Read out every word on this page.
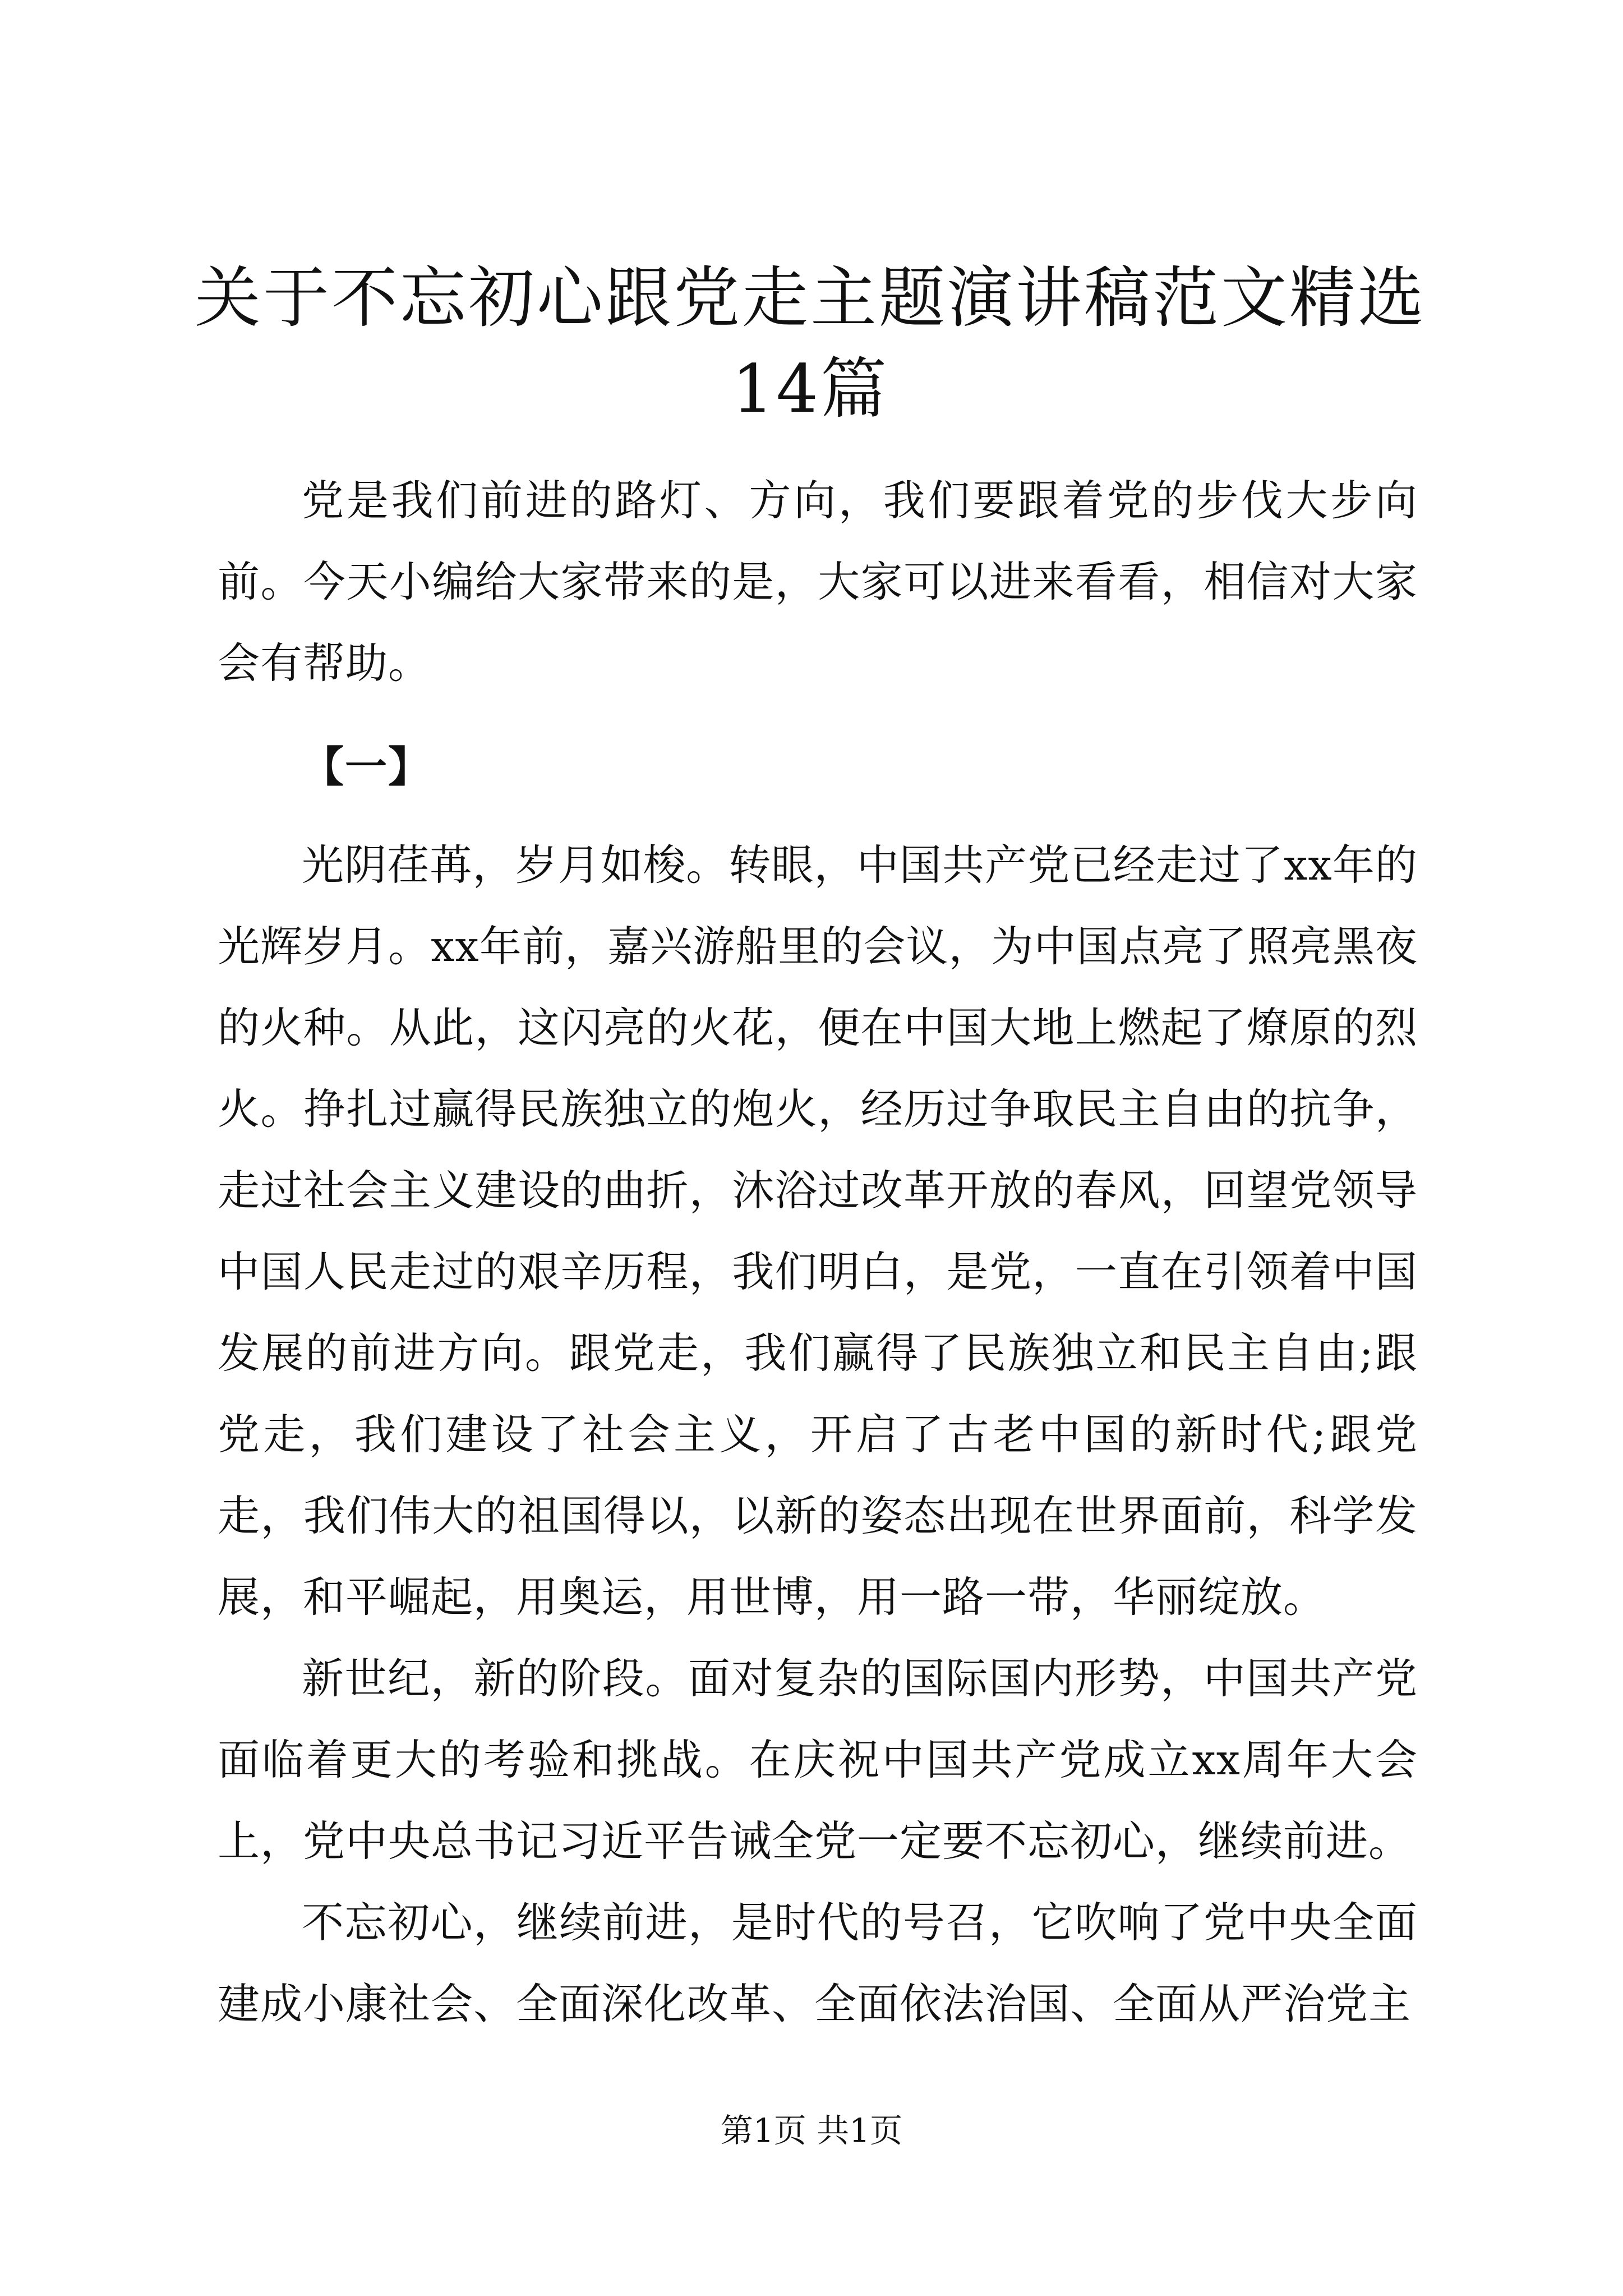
关于不忘初心跟党走主题演讲稿范文精选14篇

党是我们前进的路灯、方向，我们要跟着党的步伐大步向前。今天小编给大家带来的是，大家可以进来看看，相信对大家会有帮助。

【一】

光阴荏苒，岁月如梭。转眼，中国共产党已经走过了xx年的光辉岁月。xx年前，嘉兴游船里的会议，为中国点亮了照亮黑夜的火种。从此，这闪亮的火花，便在中国大地上燃起了燎原的烈火。挣扎过赢得民族独立的炮火，经历过争取民主自由的抗争，走过社会主义建设的曲折，沐浴过改革开放的春风，回望党领导中国人民走过的艰辛历程，我们明白，是党，一直在引领着中国发展的前进方向。跟党走，我们赢得了民族独立和民主自由;跟党走，我们建设了社会主义，开启了古老中国的新时代;跟党走，我们伟大的祖国得以，以新的姿态出现在世界面前，科学发展，和平崛起，用奥运，用世博，用一路一带，华丽绽放。

新世纪，新的阶段。面对复杂的国际国内形势，中国共产党面临着更大的考验和挑战。在庆祝中国共产党成立xx周年大会上，党中央总书记习近平告诫全党一定要不忘初心，继续前进。

不忘初心，继续前进，是时代的号召，它吹响了党中央全面建成小康社会、全面深化改革、全面依法治国、全面从严治党主

第1页 共1页
